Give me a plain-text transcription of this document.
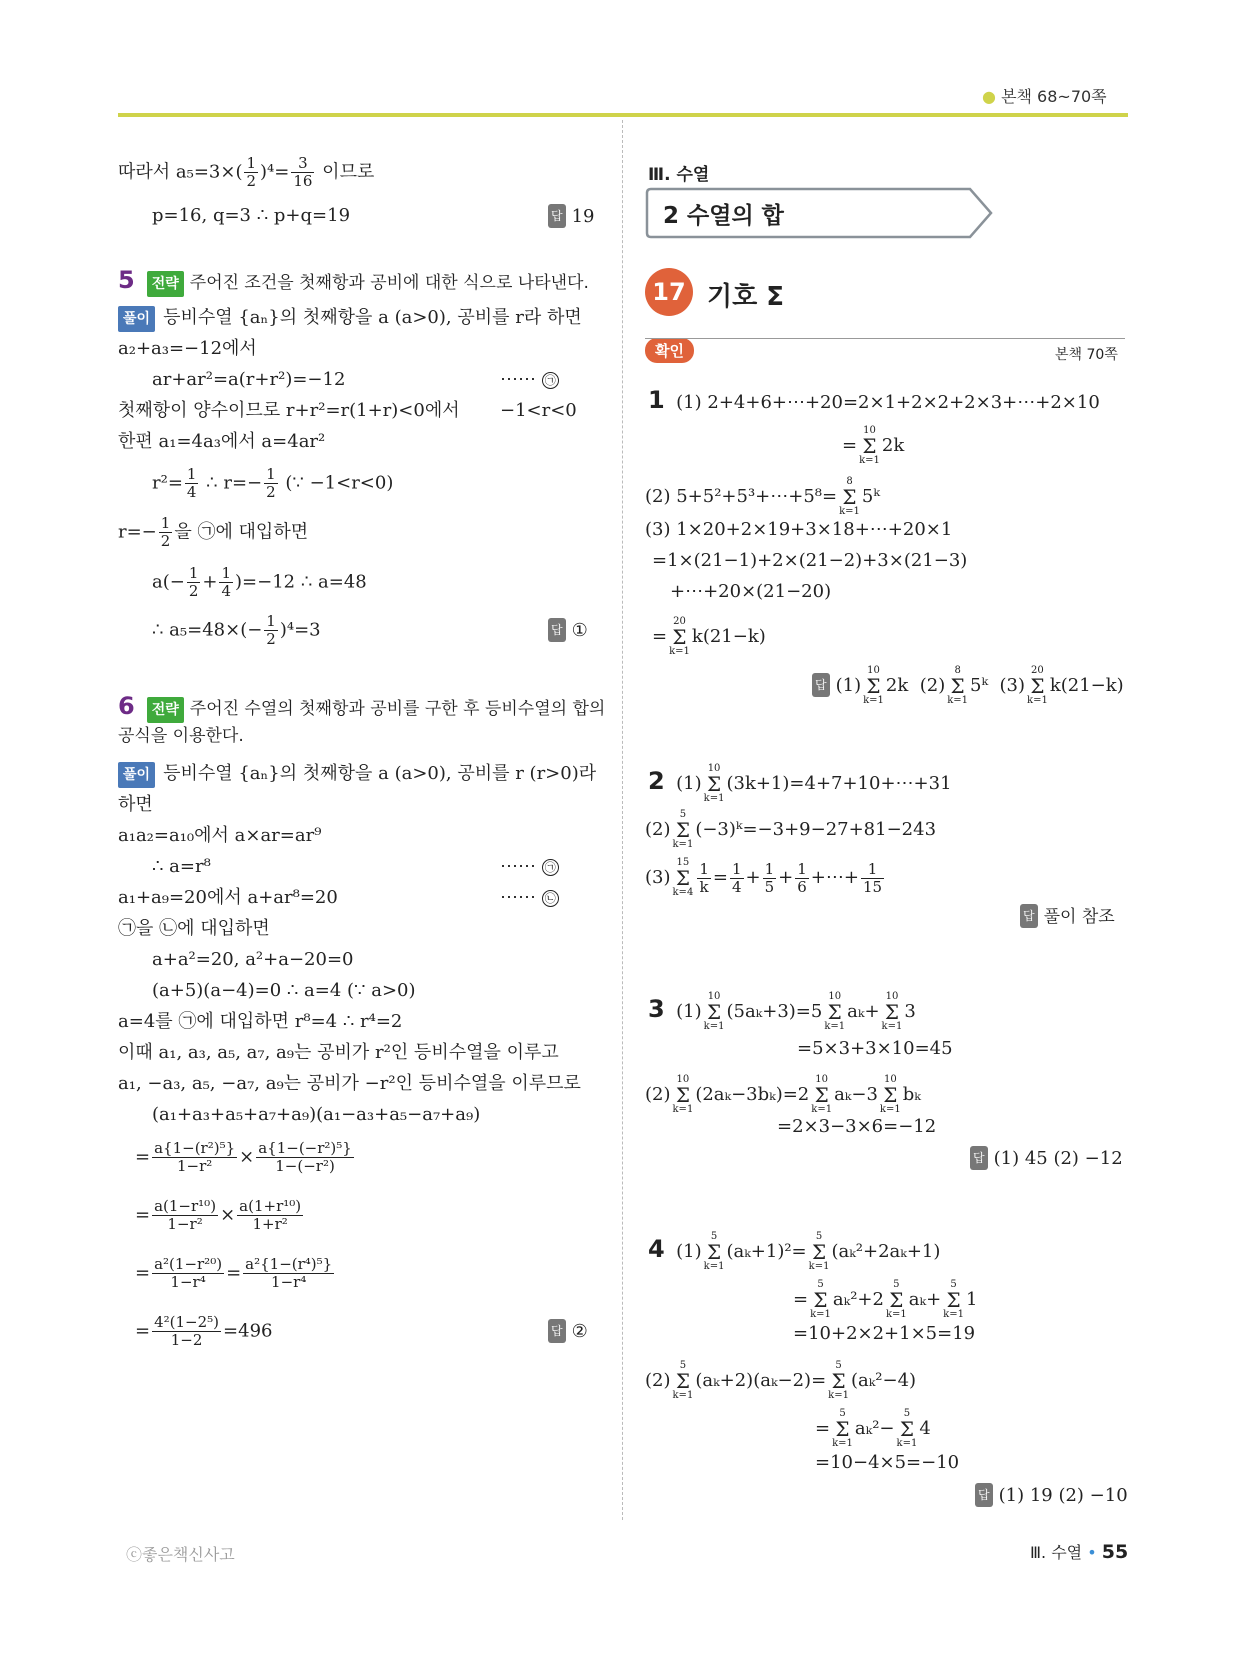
● 본책 68~70쪽
따라서 $a_5=3\times( \frac{1}{2} )^4= \frac{3}{16}$ 이므로
p=16, q=3 ∴ p+q=19	답 19
5 전략 주어진 조건을 첫째항과 공비에 대한 식으로 나타낸다.
풀이 등비수열 {aₙ}의 첫째항을 a (a>0), 공비를 r라 하면
a₂+a₃=−12에서
ar+ar²=a(r+r²)=−12	⋯⋯ ㉠
첫째항이 양수이므로 r+r²=r(1+r)<0에서 −1<r<0
한편 a₁=4a₃에서 a=4ar²
$r^2= \frac{1}{4}$ ∴ $r=- \frac{1}{2}$ (∵ −1<r<0)
$r=- \frac{1}{2}$ 을 ㉠에 대입하면
$a(- \frac{1}{2} + \frac{1}{4} )=-12$ ∴ a=48
∴ $a_5=48\times(- \frac{1}{2} )^4=3$	답 ①
6 전략 주어진 수열의 첫째항과 공비를 구한 후 등비수열의 합의
공식을 이용한다.
풀이 등비수열 {aₙ}의 첫째항을 a (a>0), 공비를 r (r>0)라
하면
a₁a₂=a₁₀에서 a×ar=ar⁹
∴ a=r⁸	⋯⋯ ㉠
a₁+a₉=20에서 a+ar⁸=20	⋯⋯ ㉡
㉠을 ㉡에 대입하면
a+a²=20, a²+a−20=0
(a+5)(a−4)=0 ∴ a=4 (∵ a>0)
a=4를 ㉠에 대입하면 r⁸=4 ∴ r⁴=2
이때 a₁, a₃, a₅, a₇, a₉는 공비가 r²인 등비수열을 이루고
a₁, −a₃, a₅, −a₇, a₉는 공비가 −r²인 등비수열을 이루므로
(a₁+a₃+a₅+a₇+a₉)(a₁−a₃+a₅−a₇+a₉)
= $\frac{\text{a\{1−(r²)⁵\}}}{\text{1−r²}} \times \frac{\text{a\{1−(−r²)⁵\}}}{\text{1−(−r²)}}$
= $\frac{\text{a(1−r¹⁰)}}{\text{1−r²}} \times \frac{\text{a(1+r¹⁰)}}{\text{1+r²}}$
= $\frac{\text{a²(1−r²⁰)}}{\text{1−r⁴}} = \frac{\text{a²\{1−(r⁴)⁵\}}}{\text{1−r⁴}}$
= $\frac{\text{4²(1−2⁵)}}{1-2} =496$	답 ②
Ⅲ. 수열
2 수열의 합
17 기호 Σ
확인	본책 70쪽
1 (1) 2+4+6+⋯+20=2×1+2×2+2×3+⋯+2×10
=10
Σ
k=12k
(2) 5+5²+5³+⋯+5⁸=8
Σ
k=15ᵏ
(3) 1×20+2×19+3×18+⋯+20×1
=1×(21−1)+2×(21−2)+3×(21−3)
+⋯+20×(21−20)
=20
Σ
k=1k(21−k)
답 (1)10
Σ
k=12k (2)8
Σ
k=15ᵏ (3)20
Σ
k=1k(21−k)
2 (1)10
Σ
k=1(3k+1)=4+7+10+⋯+31
(2)5
Σ
k=1(−3)ᵏ=−3+9−27+81−243
(3)15
Σ
$k=4 \frac{1}{k} = \frac{1}{4} + \frac{1}{5} + \frac{1}{6}$ +⋯+ $\frac{1}{15}$
답 풀이 참조
3 (1)10
Σ
k=1(5aₖ+3)=510
Σ
k=1aₖ+10
Σ
k=13
=5×3+3×10=45
(2)10
Σ
k=1(2aₖ−3bₖ)=210
Σ
k=1aₖ−310
Σ
k=1bₖ
=2×3−3×6=−12
답 (1) 45 (2) −12
4 (1)5
Σ
k=1(aₖ+1)²=5
Σ
k=1(aₖ²+2aₖ+1)
=5
Σ
k=1aₖ²+25
Σ
k=1aₖ+5
Σ
k=11
=10+2×2+1×5=19
(2)5
Σ
k=1(aₖ+2)(aₖ−2)=5
Σ
k=1(aₖ²−4)
=5
Σ
k=1aₖ²−5
Σ
k=14
=10−4×5=−10
답 (1) 19 (2) −10
ⓒ좋은책신사고	Ⅲ. 수열 • 55
